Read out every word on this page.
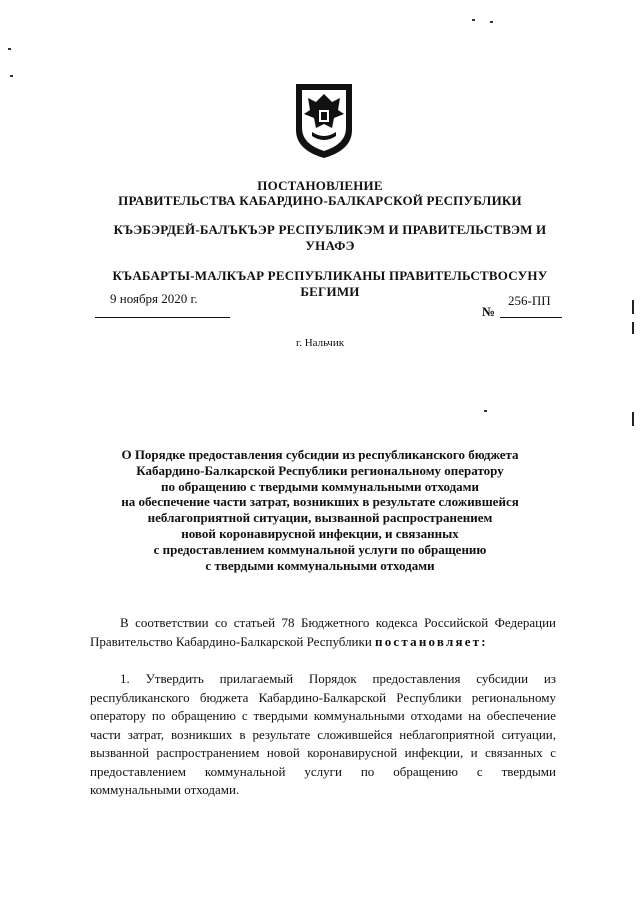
ПОСТАНОВЛЕНИЕ
ПРАВИТЕЛЬСТВА КАБАРДИНО-БАЛКАРСКОЙ РЕСПУБЛИКИ
КЪЭБЭРДЕЙ-БАЛЪКЪЭР РЕСПУБЛИКЭМ И ПРАВИТЕЛЬСТВЭМ И УНАФЭ
КЪАБАРТЫ-МАЛКЪАР РЕСПУБЛИКАНЫ ПРАВИТЕЛЬСТВОСУНУ БЕГИМИ
9 ноября 2020 г.
№
256-ПП
г. Нальчик
О Порядке предоставления субсидии из республиканского бюджета
Кабардино-Балкарской Республики региональному оператору
по обращению с твердыми коммунальными отходами
на обеспечение части затрат, возникших в результате сложившейся
неблагоприятной ситуации, вызванной распространением
новой коронавирусной инфекции, и связанных
с предоставлением коммунальной услуги по обращению
с твердыми коммунальными отходами
В соответствии со статьей 78 Бюджетного кодекса Российской Федерации Правительство Кабардино-Балкарской Республики постановляет:
1. Утвердить прилагаемый Порядок предоставления субсидии из республиканского бюджета Кабардино-Балкарской Республики региональному оператору по обращению с твердыми коммунальными отходами на обеспечение части затрат, возникших в результате сложившейся неблагоприятной ситуации, вызванной распространением новой коронавирусной инфекции, и связанных с предоставлением коммунальной услуги по обращению с твердыми коммунальными отходами.
